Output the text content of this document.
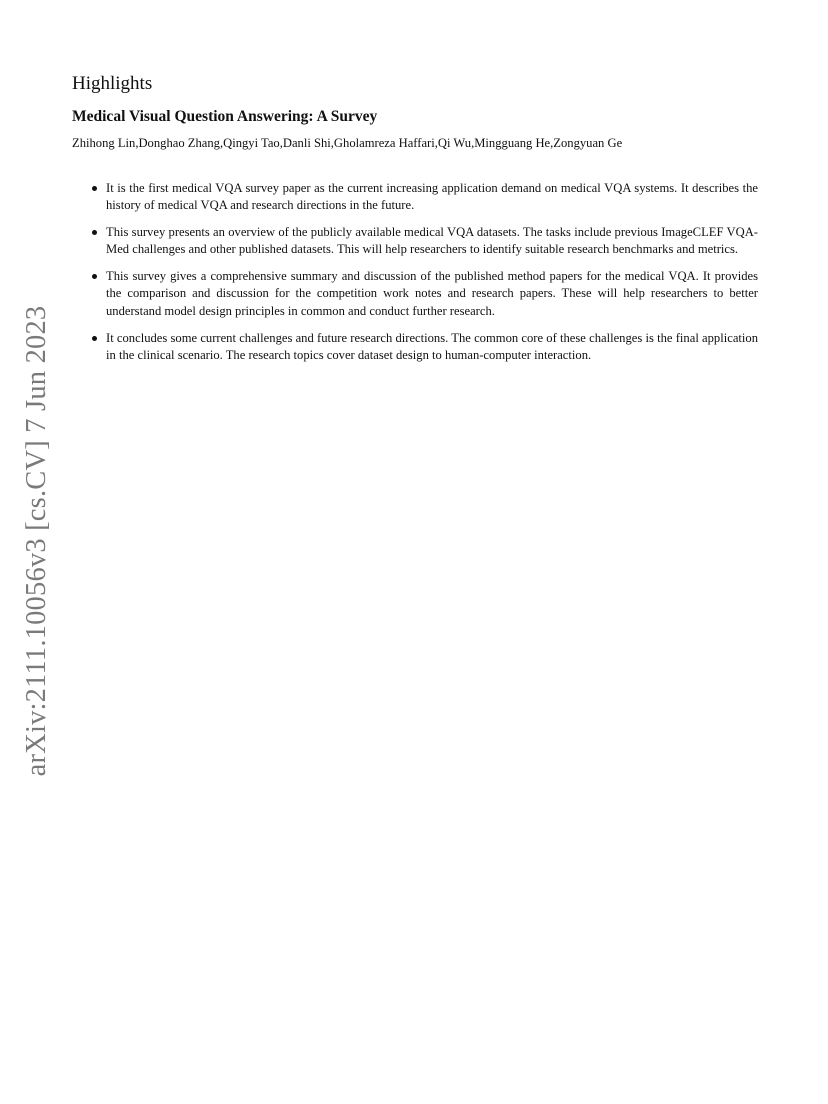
arXiv:2111.10056v3 [cs.CV] 7 Jun 2023
Highlights
Medical Visual Question Answering: A Survey
Zhihong Lin,Donghao Zhang,Qingyi Tao,Danli Shi,Gholamreza Haffari,Qi Wu,Mingguang He,Zongyuan Ge
It is the first medical VQA survey paper as the current increasing application demand on medical VQA systems. It describes the history of medical VQA and research directions in the future.
This survey presents an overview of the publicly available medical VQA datasets. The tasks include previous ImageCLEF VQA-Med challenges and other published datasets. This will help researchers to identify suitable research benchmarks and metrics.
This survey gives a comprehensive summary and discussion of the published method papers for the medical VQA. It provides the comparison and discussion for the competition work notes and research papers. These will help researchers to better understand model design principles in common and conduct further research.
It concludes some current challenges and future research directions. The common core of these challenges is the final application in the clinical scenario. The research topics cover dataset design to human-computer interaction.
